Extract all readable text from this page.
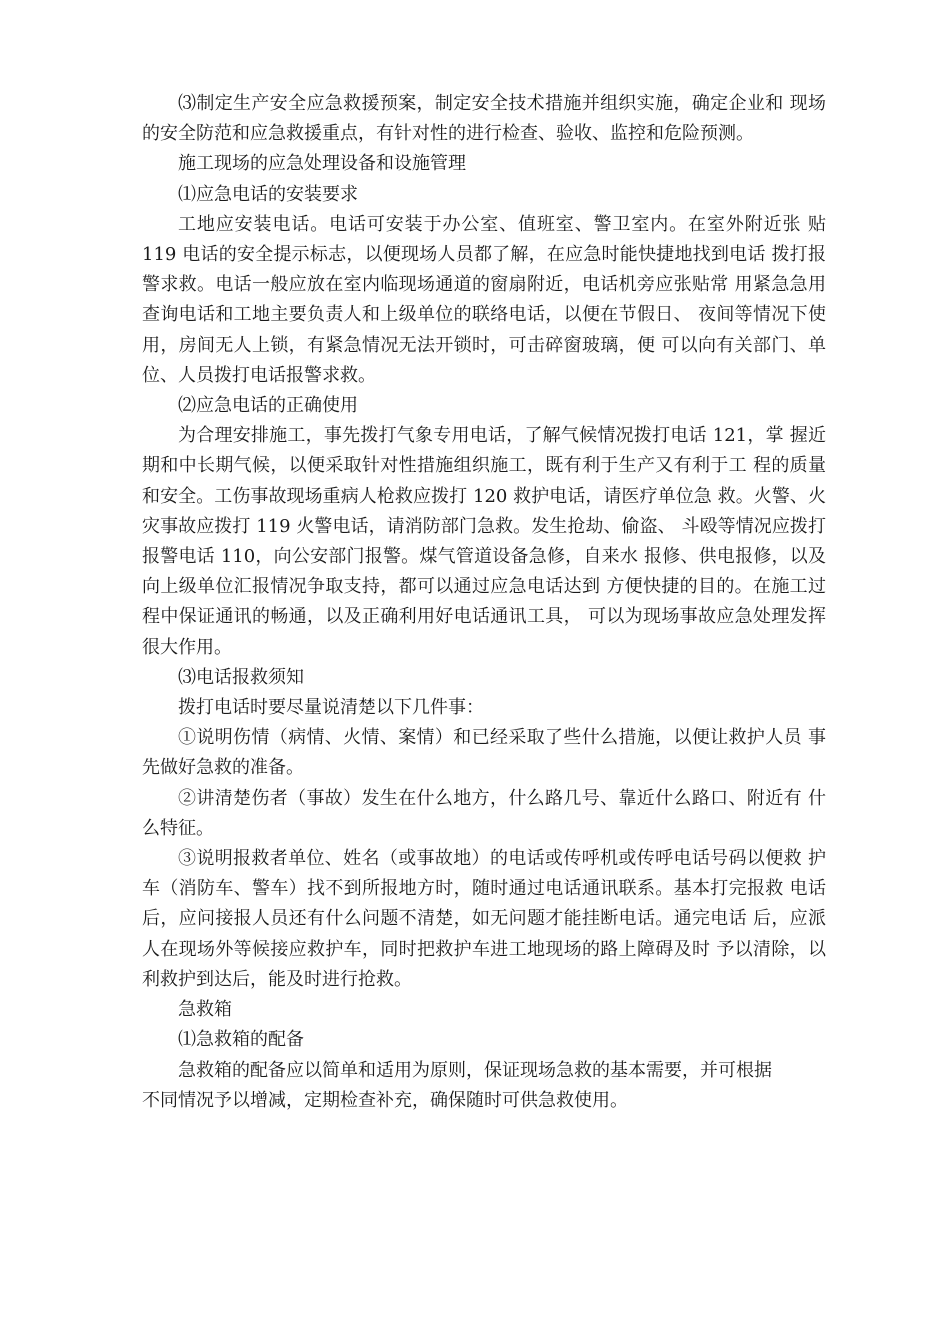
⑶制定生产安全应急救援预案，制定安全技术措施并组织实施，确定企业和 现场的安全防范和应急救援重点，有针对性的进行检查、验收、监控和危险预测。

施工现场的应急处理设备和设施管理

⑴应急电话的安装要求

工地应安装电话。电话可安装于办公室、值班室、警卫室内。在室外附近张 贴 119 电话的安全提示标志，以便现场人员都了解，在应急时能快捷地找到电话 拨打报警求救。电话一般应放在室内临现场通道的窗扇附近，电话机旁应张贴常 用紧急急用查询电话和工地主要负责人和上级单位的联络电话，以便在节假日、 夜间等情况下使用，房间无人上锁，有紧急情况无法开锁时，可击碎窗玻璃，便 可以向有关部门、单位、人员拨打电话报警求救。

⑵应急电话的正确使用

为合理安排施工，事先拨打气象专用电话，了解气候情况拨打电话 121，掌 握近期和中长期气候，以便采取针对性措施组织施工，既有利于生产又有利于工 程的质量和安全。工伤事故现场重病人枪救应拨打 120 救护电话，请医疗单位急 救。火警、火灾事故应拨打 119 火警电话，请消防部门急救。发生抢劫、偷盗、 斗殴等情况应拨打报警电话 110，向公安部门报警。煤气管道设备急修，自来水 报修、供电报修，以及向上级单位汇报情况争取支持，都可以通过应急电话达到 方便快捷的目的。在施工过程中保证通讯的畅通，以及正确利用好电话通讯工具， 可以为现场事故应急处理发挥很大作用。

⑶电话报救须知

拨打电话时要尽量说清楚以下几件事：

①说明伤情（病情、火情、案情）和已经采取了些什么措施，以便让救护人员 事先做好急救的准备。

②讲清楚伤者（事故）发生在什么地方，什么路几号、靠近什么路口、附近有 什么特征。

③说明报救者单位、姓名（或事故地）的电话或传呼机或传呼电话号码以便救 护车（消防车、警车）找不到所报地方时，随时通过电话通讯联系。基本打完报救 电话后，应问接报人员还有什么问题不清楚，如无问题才能挂断电话。通完电话 后，应派人在现场外等候接应救护车，同时把救护车进工地现场的路上障碍及时 予以清除，以利救护到达后，能及时进行抢救。

急救箱

⑴急救箱的配备

急救箱的配备应以简单和适用为原则，保证现场急救的基本需要，并可根据

不同情况予以增减，定期检查补充，确保随时可供急救使用。
